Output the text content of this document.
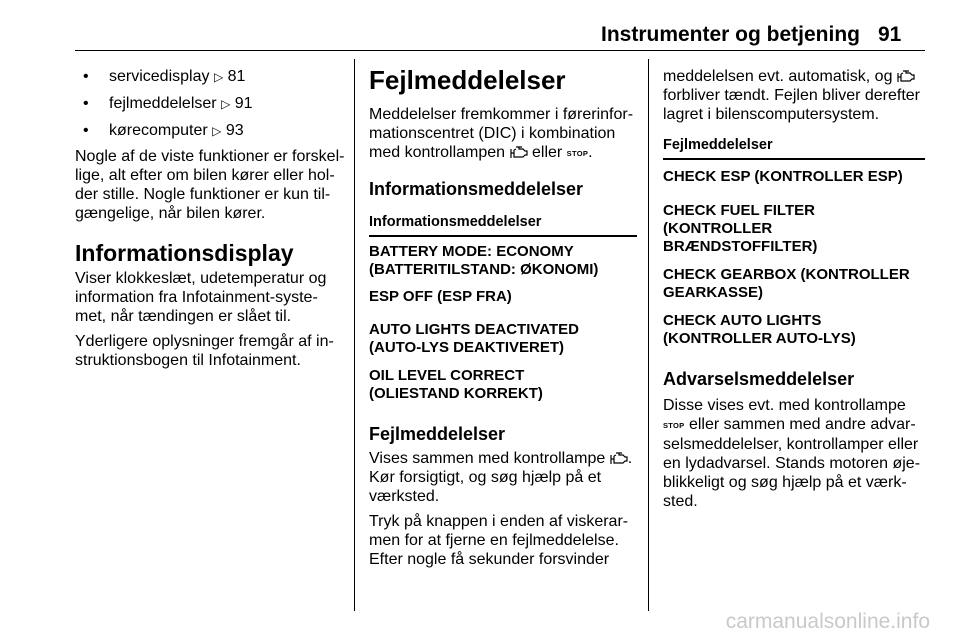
Instrumenter og betjening 91

• servicedisplay ▷ 81

• fejlmeddelelser ▷ 91

• kørecomputer ▷ 93

Nogle af de viste funktioner er forskel-lige, alt efter om bilen kører eller hol-der stille. Nogle funktioner er kun til-gængelige, når bilen kører.

Informationsdisplay

Viser klokkeslæt, udetemperatur og information fra Infotainment-syste-met, når tændingen er slået til.

Yderligere oplysninger fremgår af in-struktionsbogen til Infotainment.

Fejlmeddelelser

Meddelelser fremkommer i førerinfor-mationscentret (DIC) i kombination med kontrollampen eller STOP.

Informationsmeddelelser

Informationsmeddelelser

BATTERY MODE: ECONOMY (BATTERITILSTAND: ØKONOMI)

ESP OFF (ESP FRA)

AUTO LIGHTS DEACTIVATED (AUTO-LYS DEAKTIVERET)

OIL LEVEL CORRECT (OLIESTAND KORREKT)

Fejlmeddelelser

Vises sammen med kontrollampe . Kør forsigtigt, og søg hjælp på et værksted.

Tryk på knappen i enden af viskerar-men for at fjerne en fejlmeddelelse. Efter nogle få sekunder forsvinder

meddelelsen evt. automatisk, og  forbliver tændt. Fejlen bliver derefter lagret i bilenscomputersystem.

Fejlmeddelelser

CHECK ESP (KONTROLLER ESP)

CHECK FUEL FILTER (KONTROLLER BRÆNDSTOFFILTER)

CHECK GEARBOX (KONTROLLER GEARKASSE)

CHECK AUTO LIGHTS (KONTROLLER AUTO-LYS)

Advarselsmeddelelser

Disse vises evt. med kontrollampe
STOP eller sammen med andre advar-selsmeddelelser, kontrollamper eller en lydadvarsel. Stands motoren øje-blikkeligt og søg hjælp på et værk-sted.

carmanualsonline.info
